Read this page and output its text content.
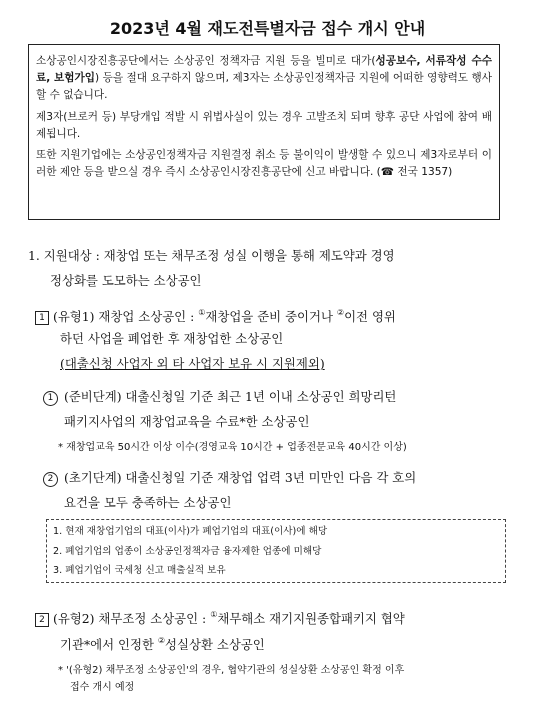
2023년 4월 재도전특별자금 접수 개시 안내

소상공인시장진흥공단에서는 소상공인 정책자금 지원 등을 빌미로 대가(성공보수, 서류작성 수수료, 보험가입) 등을 절대 요구하지 않으며, 제3자는 소상공인정책자금 지원에 어떠한 영향력도 행사 할 수 없습니다.

제3자(브로커 등) 부당개입 적발 시 위법사실이 있는 경우 고발조치 되며 향후 공단 사업에 참여 배제됩니다.

또한 지원기업에는 소상공인정책자금 지원결정 취소 등 불이익이 발생할 수 있으니 제3자로부터 이러한 제안 등을 받으실 경우 즉시 소상공인시장진흥공단에 신고 바랍니다. (☎ 전국 1357)

1. 지원대상 : 재창업 또는 채무조정 성실 이행을 통해 제도약과 경영
정상화를 도모하는 소상공인
1 (유형1) 재창업 소상공인 : ①재창업을 준비 중이거나 ②이전 영위
하던 사업을 폐업한 후 재창업한 소상공인
(대출신청 사업자 외 타 사업자 보유 시 지원제외)
1 (준비단계) 대출신청일 기준 최근 1년 이내 소상공인 희망리턴
패키지사업의 재창업교육을 수료*한 소상공인
* 재창업교육 50시간 이상 이수(경영교육 10시간 + 업종전문교육 40시간 이상)
2 (초기단계) 대출신청일 기준 재창업 업력 3년 미만인 다음 각 호의
요건을 모두 충족하는 소상공인
1. 현재 재창업기업의 대표(이사)가 폐업기업의 대표(이사)에 해당
2. 폐업기업의 업종이 소상공인정책자금 융자제한 업종에 미해당
3. 폐업기업이 국세청 신고 매출실적 보유
2 (유형2) 채무조정 소상공인 : ①채무해소 재기지원종합패키지 협약
기관*에서 인정한 ②성실상환 소상공인
* '(유형2) 채무조정 소상공인'의 경우, 협약기관의 성실상환 소상공인 확정 이후
접수 개시 예정
